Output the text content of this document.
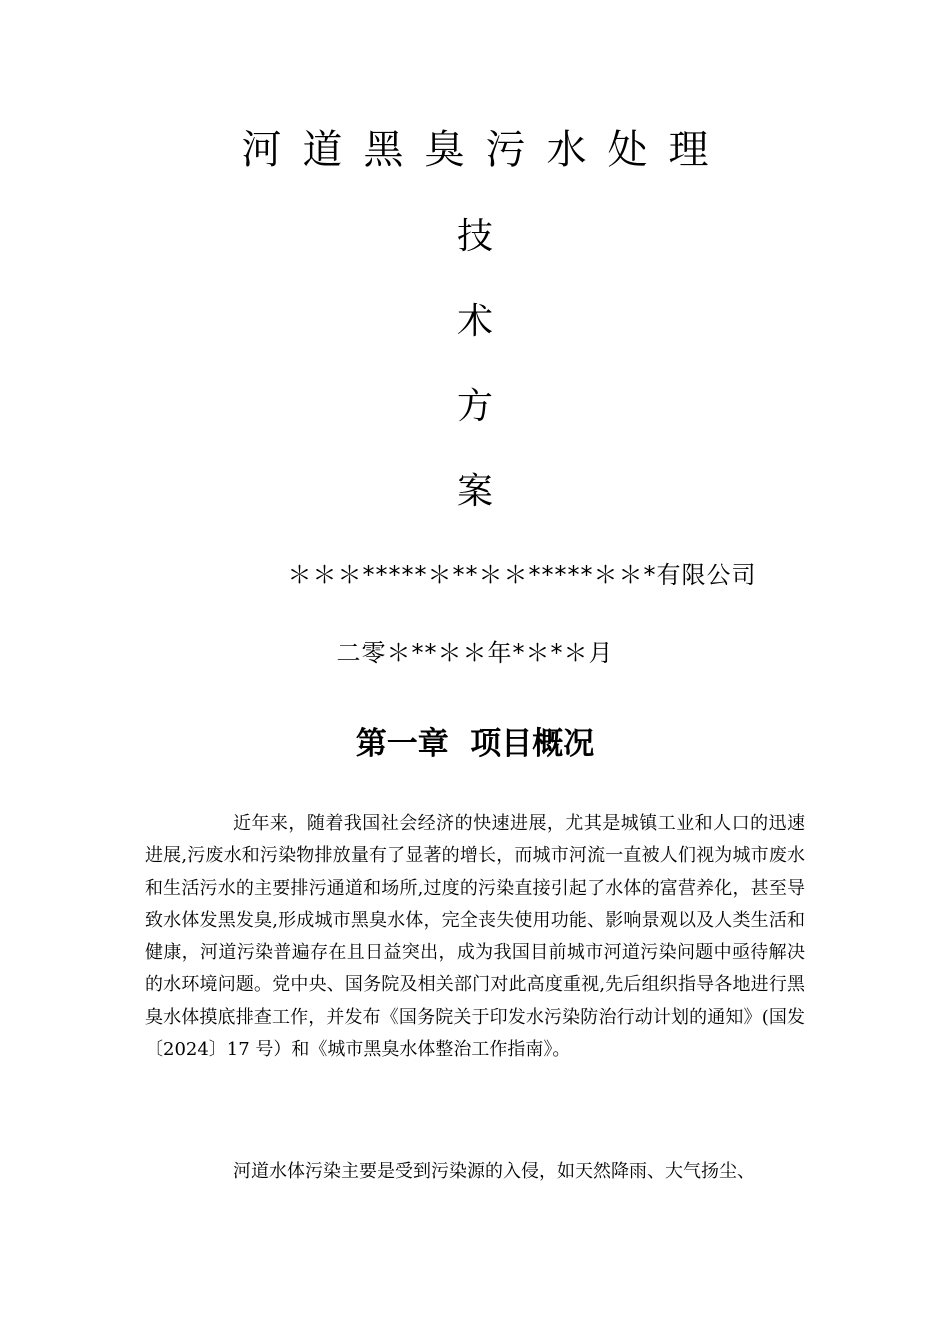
河道黑臭污水处理
技
术
方
案
＊＊＊*****＊**＊＊*****＊＊*有限公司
二零＊**＊＊年*＊*＊月
第一章  项目概况

近年来，随着我国社会经济的快速进展，尤其是城镇工业和人口的迅速进展,污废水和污染物排放量有了显著的增长，而城市河流一直被人们视为城市废水和生活污水的主要排污通道和场所,过度的污染直接引起了水体的富营养化，甚至导致水体发黑发臭,形成城市黑臭水体，完全丧失使用功能、影响景观以及人类生活和健康，河道污染普遍存在且日益突出，成为我国目前城市河道污染问题中亟待解决的水环境问题。党中央、国务院及相关部门对此高度重视,先后组织指导各地进行黑臭水体摸底排查工作，并发布《国务院关于印发水污染防治行动计划的通知》(国发〔2024〕17 号）和《城市黑臭水体整治工作指南》。

河道水体污染主要是受到污染源的入侵，如天然降雨、大气扬尘、
